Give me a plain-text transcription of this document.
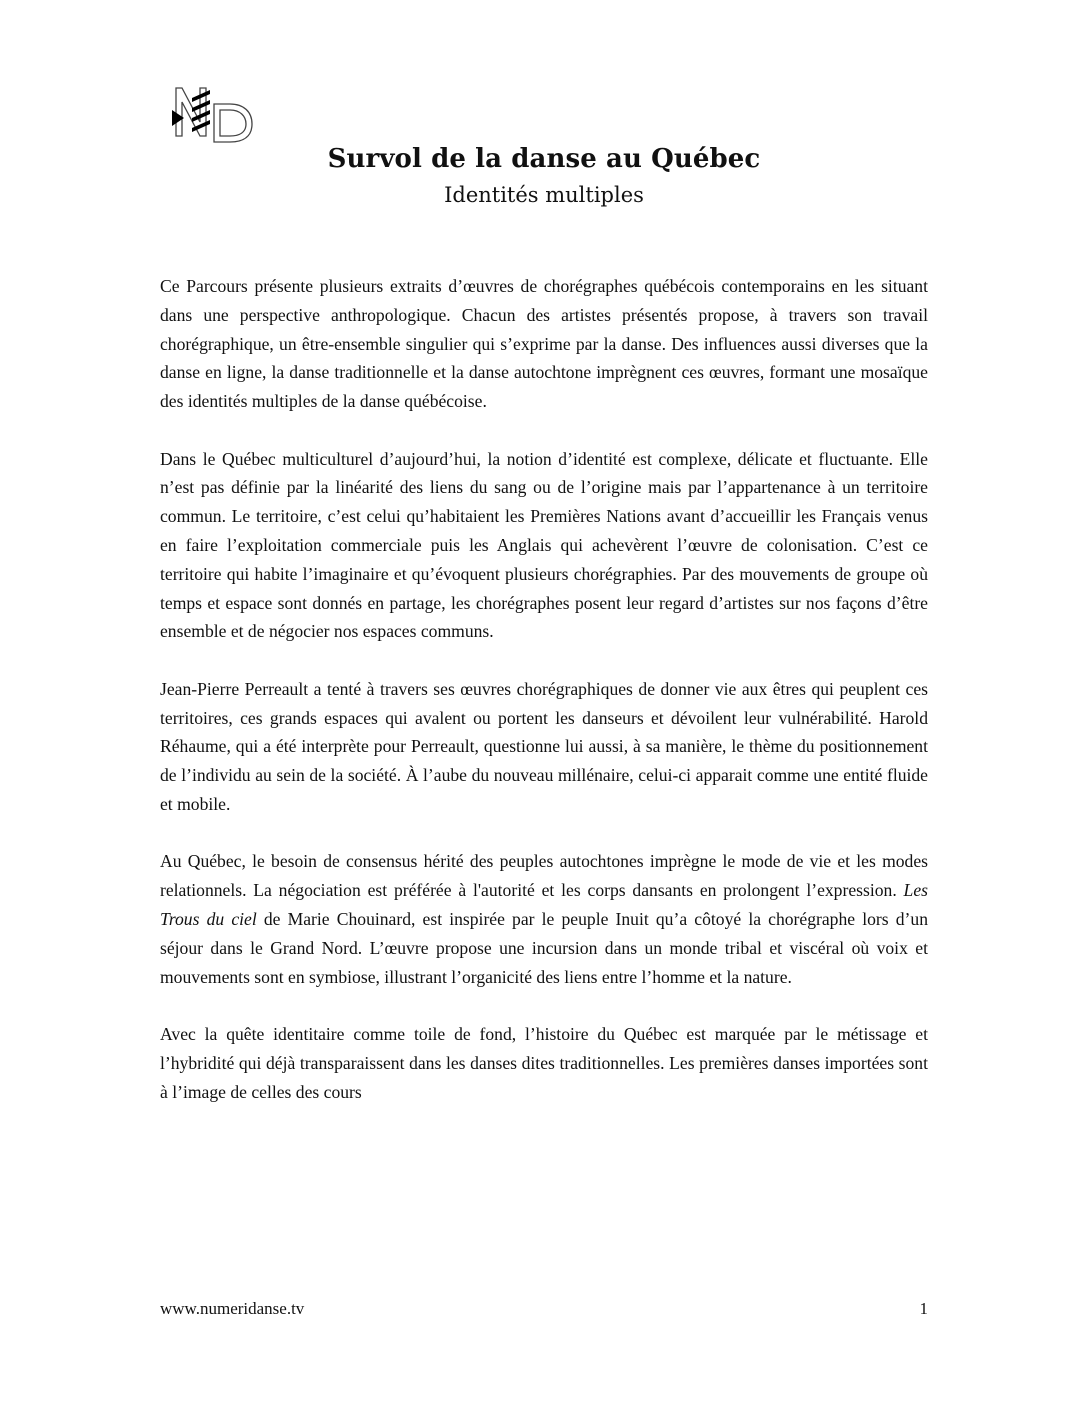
Survol de la danse au Québec
Identités multiples

Ce Parcours présente plusieurs extraits d’œuvres de chorégraphes québécois contemporains en les situant dans une perspective anthropologique. Chacun des artistes présentés propose, à travers son travail chorégraphique, un être-ensemble singulier qui s’exprime par la danse. Des influences aussi diverses que la danse en ligne, la danse traditionnelle et la danse autochtone imprègnent ces œuvres, formant une mosaïque des identités multiples de la danse québécoise.

Dans le Québec multiculturel d’aujourd’hui, la notion d’identité est complexe, délicate et fluctuante. Elle n’est pas définie par la linéarité des liens du sang ou de l’origine mais par l’appartenance à un territoire commun. Le territoire, c’est celui qu’habitaient les Premières Nations avant d’accueillir les Français venus en faire l’exploitation commerciale puis les Anglais qui achevèrent l’œuvre de colonisation. C’est ce territoire qui habite l’imaginaire et qu’évoquent plusieurs chorégraphies. Par des mouvements de groupe où temps et espace sont donnés en partage, les chorégraphes posent leur regard d’artistes sur nos façons d’être ensemble et de négocier nos espaces communs.

Jean-Pierre Perreault a tenté à travers ses œuvres chorégraphiques de donner vie aux êtres qui peuplent ces territoires, ces grands espaces qui avalent ou portent les danseurs et dévoilent leur vulnérabilité. Harold Réhaume, qui a été interprète pour Perreault, questionne lui aussi, à sa manière, le thème du positionnement de l’individu au sein de la société. À l’aube du nouveau millénaire, celui-ci apparait comme une entité fluide et mobile.

Au Québec, le besoin de consensus hérité des peuples autochtones imprègne le mode de vie et les modes relationnels. La négociation est préférée à l'autorité et les corps dansants en prolongent l’expression. Les Trous du ciel de Marie Chouinard, est inspirée par le peuple Inuit qu’a côtoyé la chorégraphe lors d’un séjour dans le Grand Nord. L’œuvre propose une incursion dans un monde tribal et viscéral où voix et mouvements sont en symbiose, illustrant l’organicité des liens entre l’homme et la nature.

Avec la quête identitaire comme toile de fond, l’histoire du Québec est marquée par le métissage et l’hybridité qui déjà transparaissent dans les danses dites traditionnelles. Les premières danses importées sont à l’image de celles des cours

www.numeridanse.tv	1
